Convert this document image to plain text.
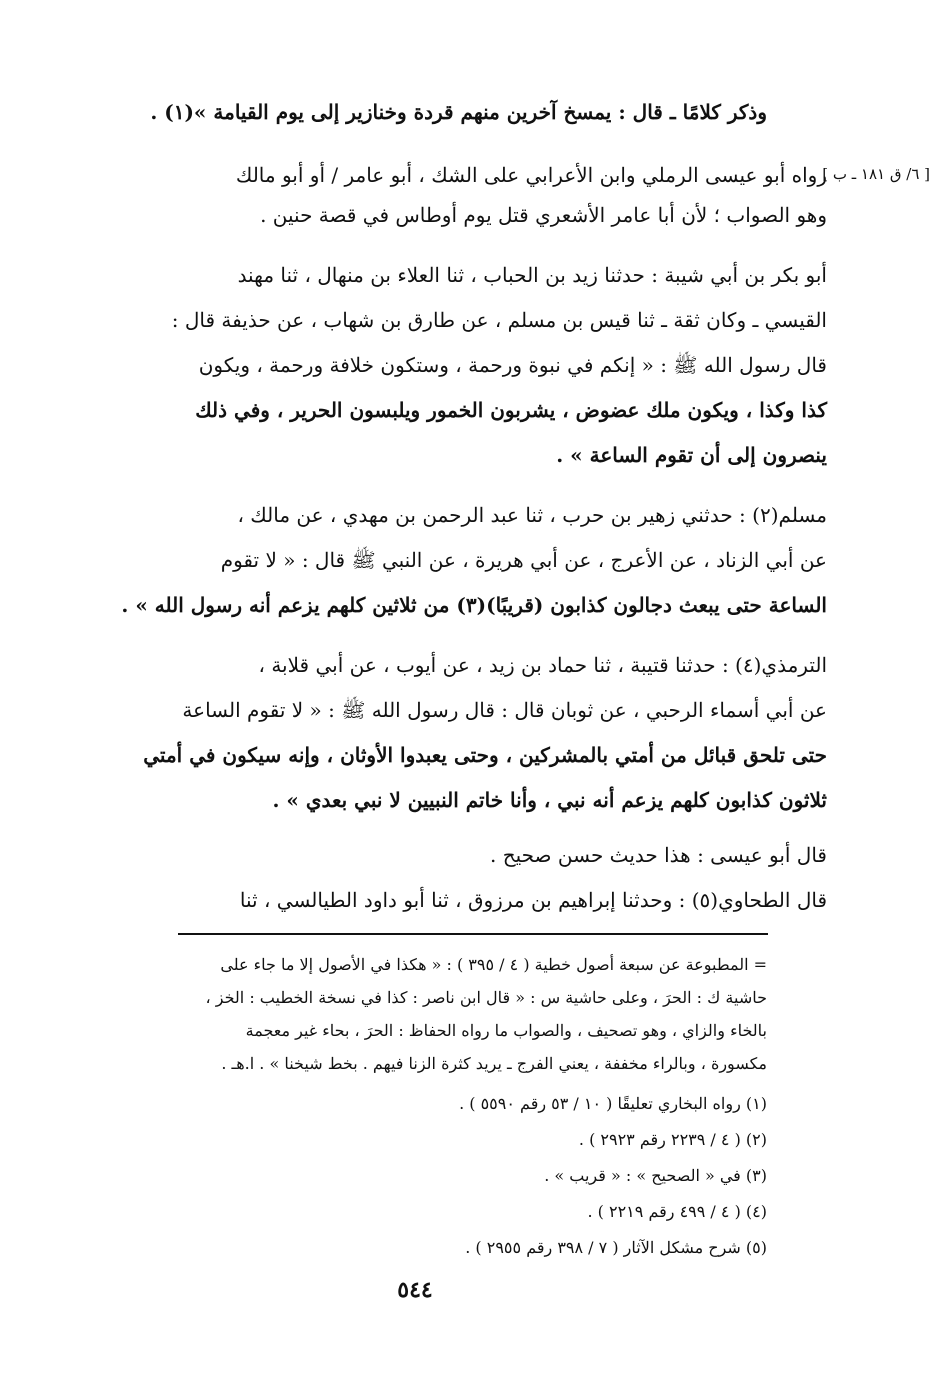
[ ٦/ ق ١٨١ ـ ب ]
وذكر كلامًا ـ قال : يمسخ آخرين منهم قردة وخنازير إلى يوم القيامة »(١) .
رواه أبو عيسى الرملي وابن الأعرابي على الشك ، أبو عامر / أو أبو مالك
وهو الصواب ؛ لأن أبا عامر الأشعري قتل يوم أوطاس في قصة حنين .
أبو بكر بن أبي شيبة : حدثنا زيد بن الحباب ، ثنا العلاء بن منهال ، ثنا مهند
القيسي ـ وكان ثقة ـ ثنا قيس بن مسلم ، عن طارق بن شهاب ، عن حذيفة قال :
قال رسول الله ﷺ : « إنكم في نبوة ورحمة ، وستكون خلافة ورحمة ، ويكون
كذا وكذا ، ويكون ملك عضوض ، يشربون الخمور ويلبسون الحرير ، وفي ذلك
ينصرون إلى أن تقوم الساعة » .
مسلم(٢) : حدثني زهير بن حرب ، ثنا عبد الرحمن بن مهدي ، عن مالك ،
عن أبي الزناد ، عن الأعرج ، عن أبي هريرة ، عن النبي ﷺ قال : « لا تقوم
الساعة حتى يبعث دجالون كذابون (قريبًا)(٣) من ثلاثين كلهم يزعم أنه رسول الله » .
الترمذي(٤) : حدثنا قتيبة ، ثنا حماد بن زيد ، عن أيوب ، عن أبي قلابة ،
عن أبي أسماء الرحبي ، عن ثوبان قال : قال رسول الله ﷺ : « لا تقوم الساعة
حتى تلحق قبائل من أمتي بالمشركين ، وحتى يعبدوا الأوثان ، وإنه سيكون في أمتي
ثلاثون كذابون كلهم يزعم أنه نبي ، وأنا خاتم النبيين لا نبي بعدي » .
قال أبو عيسى : هذا حديث حسن صحيح .
قال الطحاوي(٥) : وحدثنا إبراهيم بن مرزوق ، ثنا أبو داود الطيالسي ، ثنا
= المطبوعة عن سبعة أصول خطية ( ٤ / ٣٩٥ ) : « هكذا في الأصول إلا ما جاء على
حاشية ك : الحرَ ، وعلى حاشية س : « قال ابن ناصر : كذا في نسخة الخطيب : الخز ،
بالخاء والزاي ، وهو تصحيف ، والصواب ما رواه الحفاظ : الحرَ ، بحاء غير معجمة
مكسورة ، وبالراء مخففة ، يعني الفرج ـ يريد كثرة الزنا فيهم . بخط شيخنا » . ا.هـ .
(١) رواه البخاري تعليقًا ( ١٠ / ٥٣ رقم ٥٥٩٠ ) .
(٢) ( ٤ / ٢٢٣٩ رقم ٢٩٢٣ ) .
(٣) في « الصحيح » : « قريب » .
(٤) ( ٤ / ٤٩٩ رقم ٢٢١٩ ) .
(٥) شرح مشكل الآثار ( ٧ / ٣٩٨ رقم ٢٩٥٥ ) .
٥٤٤
